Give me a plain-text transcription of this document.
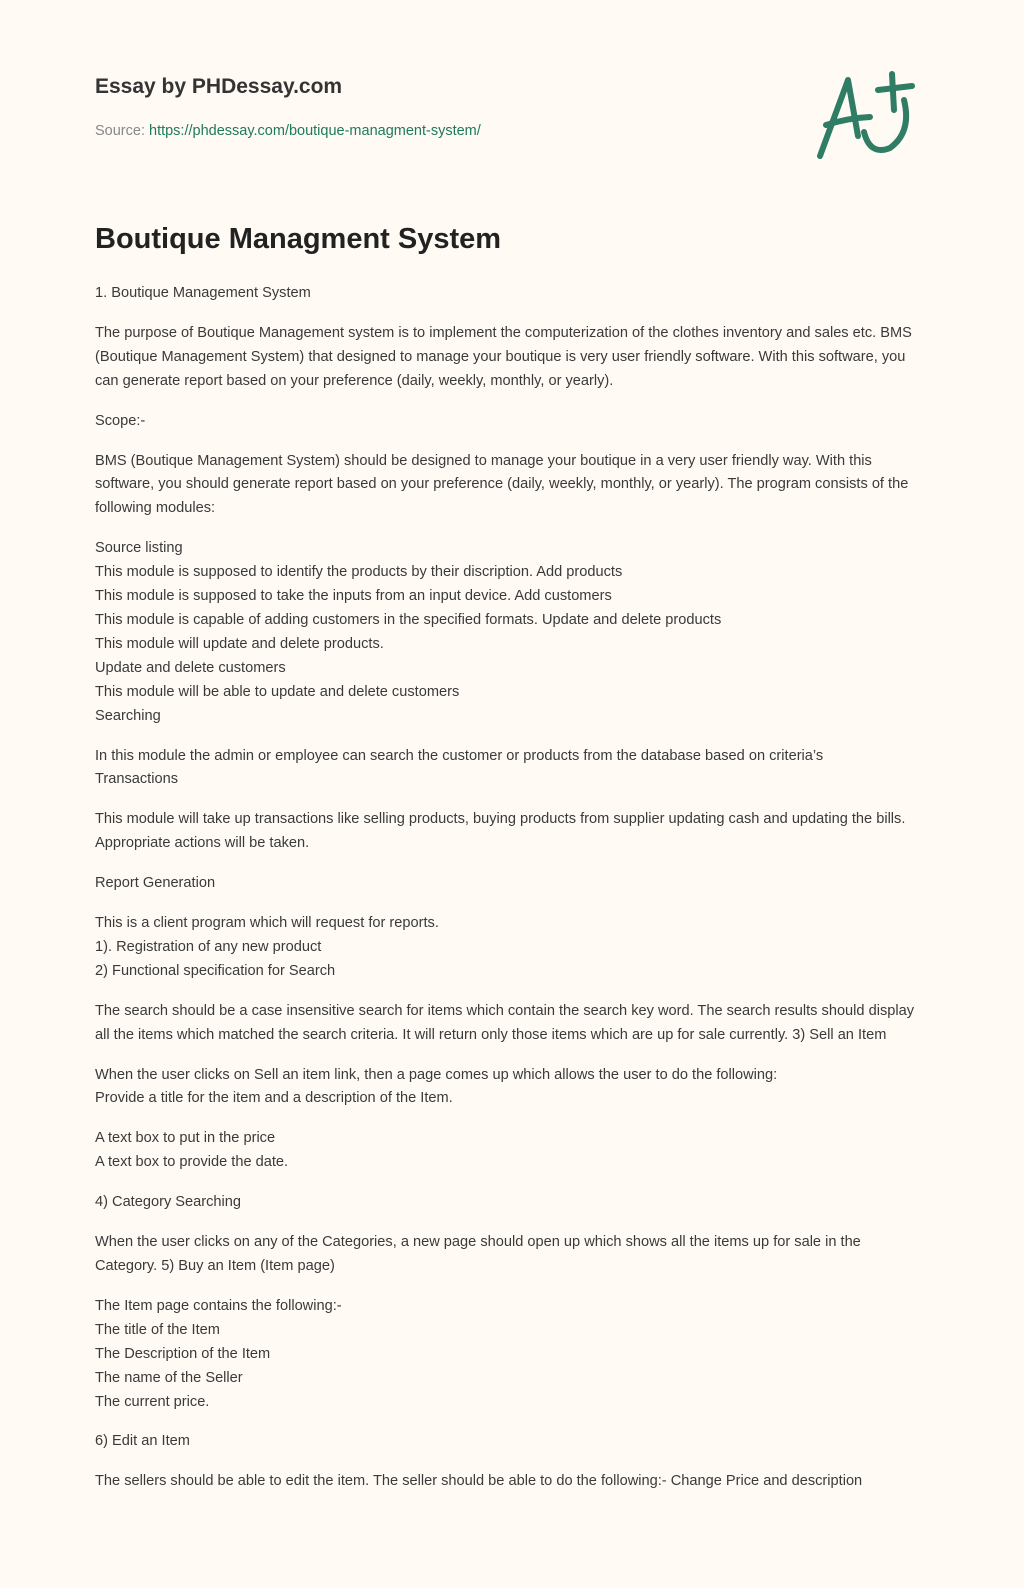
Essay by PHDessay.com
Source: https://phdessay.com/boutique-managment-system/
Boutique Managment System

1. Boutique Management System

The purpose of Boutique Management system is to implement the computerization of the clothes inventory and sales etc. BMS (Boutique Management System) that designed to manage your boutique is very user friendly software. With this software, you can generate report based on your preference (daily, weekly, monthly, or yearly).

Scope:-

BMS (Boutique Management System) should be designed to manage your boutique in a very user friendly way. With this software, you should generate report based on your preference (daily, weekly, monthly, or yearly). The program consists of the following modules:

Source listing
This module is supposed to identify the products by their discription. Add products
This module is supposed to take the inputs from an input device. Add customers
This module is capable of adding customers in the specified formats. Update and delete products
This module will update and delete products.
Update and delete customers
This module will be able to update and delete customers
Searching

In this module the admin or employee can search the customer or products from the database based on criteria’s
Transactions

This module will take up transactions like selling products, buying products from supplier updating cash and updating the bills. Appropriate actions will be taken.

Report Generation

This is a client program which will request for reports.
1). Registration of any new product
2) Functional specification for Search

The search should be a case insensitive search for items which contain the search key word. The search results should display all the items which matched the search criteria. It will return only those items which are up for sale currently. 3) Sell an Item

When the user clicks on Sell an item link, then a page comes up which allows the user to do the following:
Provide a title for the item and a description of the Item.

A text box to put in the price
A text box to provide the date.

4) Category Searching

When the user clicks on any of the Categories, a new page should open up which shows all the items up for sale in the Category. 5) Buy an Item (Item page)

The Item page contains the following:-
The title of the Item
The Description of the Item
The name of the Seller
The current price.

6) Edit an Item

The sellers should be able to edit the item. The seller should be able to do the following:- Change Price and description
